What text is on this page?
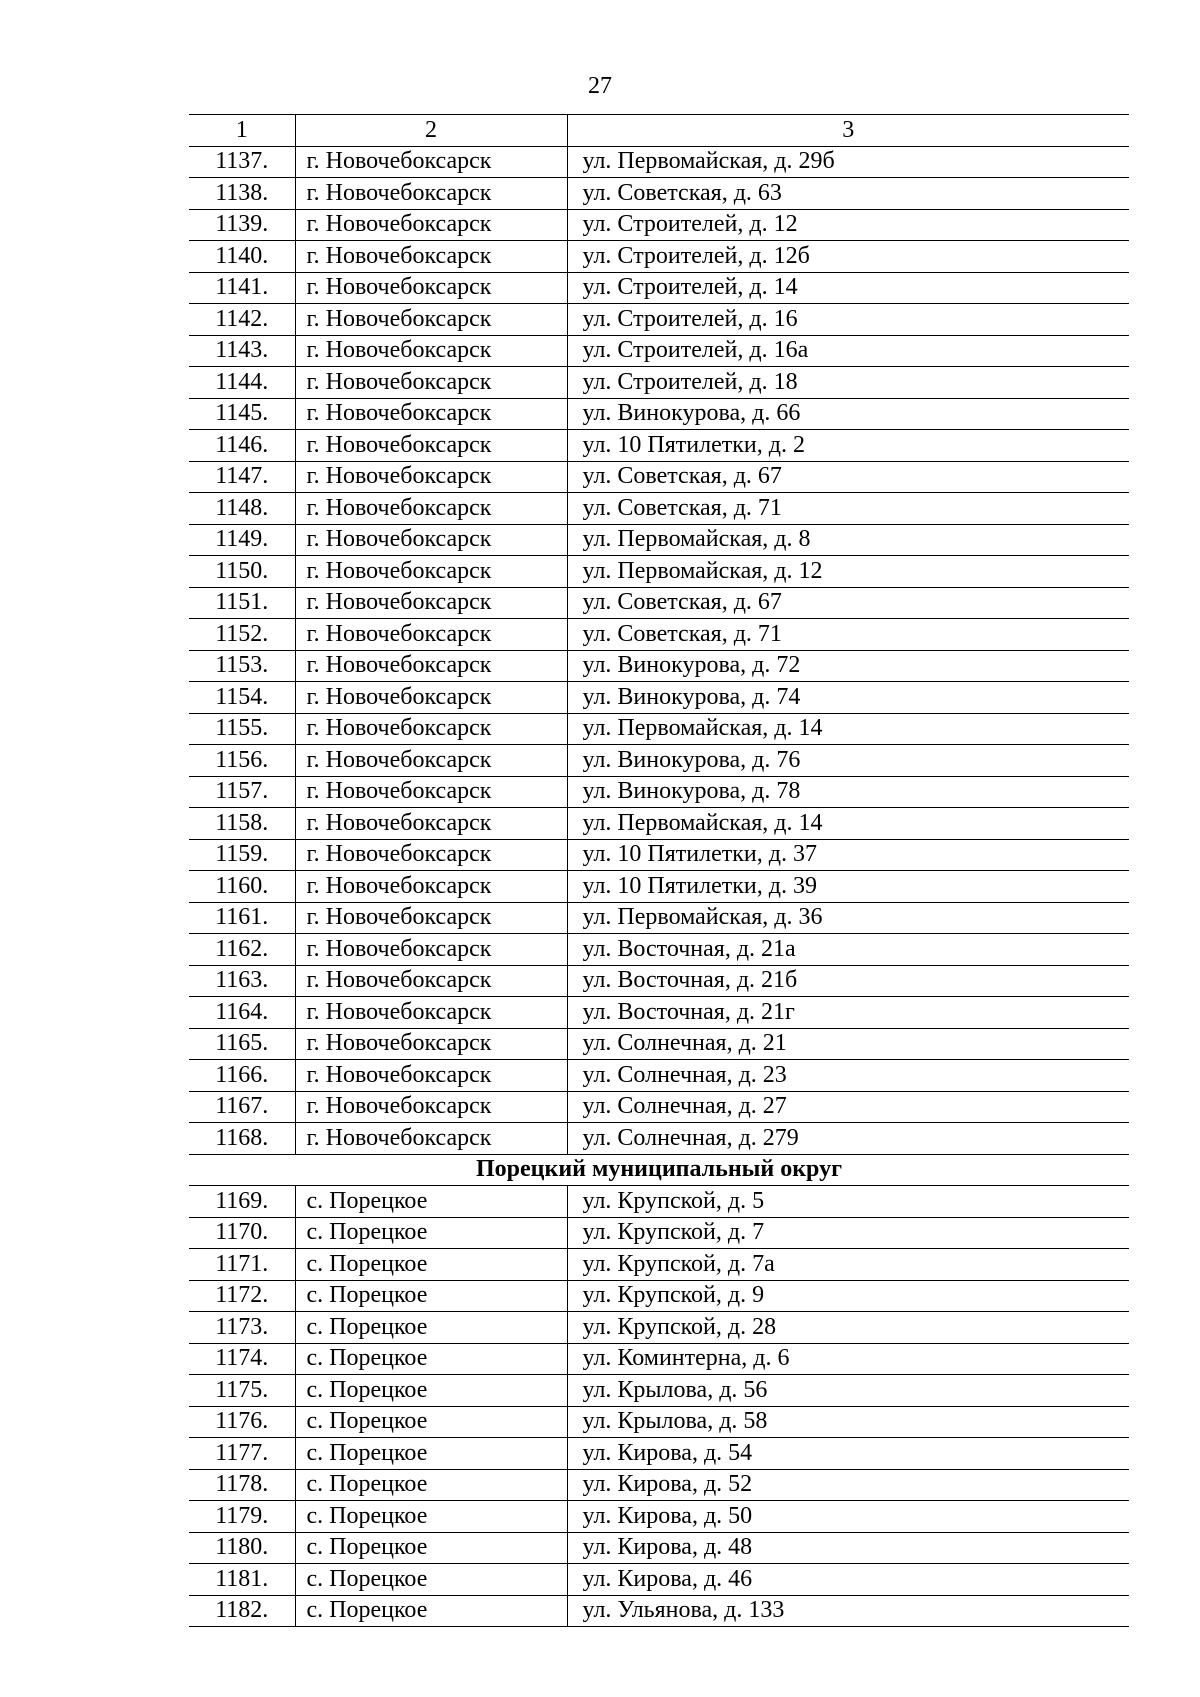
27
1	2	3
1137.	г. Новочебоксарск	ул. Первомайская, д. 29б
1138.	г. Новочебоксарск	ул. Советская, д. 63
1139.	г. Новочебоксарск	ул. Строителей, д. 12
1140.	г. Новочебоксарск	ул. Строителей, д. 12б
1141.	г. Новочебоксарск	ул. Строителей, д. 14
1142.	г. Новочебоксарск	ул. Строителей, д. 16
1143.	г. Новочебоксарск	ул. Строителей, д. 16а
1144.	г. Новочебоксарск	ул. Строителей, д. 18
1145.	г. Новочебоксарск	ул. Винокурова, д. 66
1146.	г. Новочебоксарск	ул. 10 Пятилетки, д. 2
1147.	г. Новочебоксарск	ул. Советская, д. 67
1148.	г. Новочебоксарск	ул. Советская, д. 71
1149.	г. Новочебоксарск	ул. Первомайская, д. 8
1150.	г. Новочебоксарск	ул. Первомайская, д. 12
1151.	г. Новочебоксарск	ул. Советская, д. 67
1152.	г. Новочебоксарск	ул. Советская, д. 71
1153.	г. Новочебоксарск	ул. Винокурова, д. 72
1154.	г. Новочебоксарск	ул. Винокурова, д. 74
1155.	г. Новочебоксарск	ул. Первомайская, д. 14
1156.	г. Новочебоксарск	ул. Винокурова, д. 76
1157.	г. Новочебоксарск	ул. Винокурова, д. 78
1158.	г. Новочебоксарск	ул. Первомайская, д. 14
1159.	г. Новочебоксарск	ул. 10 Пятилетки, д. 37
1160.	г. Новочебоксарск	ул. 10 Пятилетки, д. 39
1161.	г. Новочебоксарск	ул. Первомайская, д. 36
1162.	г. Новочебоксарск	ул. Восточная, д. 21а
1163.	г. Новочебоксарск	ул. Восточная, д. 21б
1164.	г. Новочебоксарск	ул. Восточная, д. 21г
1165.	г. Новочебоксарск	ул. Солнечная, д. 21
1166.	г. Новочебоксарск	ул. Солнечная, д. 23
1167.	г. Новочебоксарск	ул. Солнечная, д. 27
1168.	г. Новочебоксарск	ул. Солнечная, д. 279
Порецкий муниципальный округ		
1169.	с. Порецкое	ул. Крупской, д. 5
1170.	с. Порецкое	ул. Крупской, д. 7
1171.	с. Порецкое	ул. Крупской, д. 7а
1172.	с. Порецкое	ул. Крупской, д. 9
1173.	с. Порецкое	ул. Крупской, д. 28
1174.	с. Порецкое	ул. Коминтерна, д. 6
1175.	с. Порецкое	ул. Крылова, д. 56
1176.	с. Порецкое	ул. Крылова, д. 58
1177.	с. Порецкое	ул. Кирова, д. 54
1178.	с. Порецкое	ул. Кирова, д. 52
1179.	с. Порецкое	ул. Кирова, д. 50
1180.	с. Порецкое	ул. Кирова, д. 48
1181.	с. Порецкое	ул. Кирова, д. 46
1182.	с. Порецкое	ул. Ульянова, д. 133
